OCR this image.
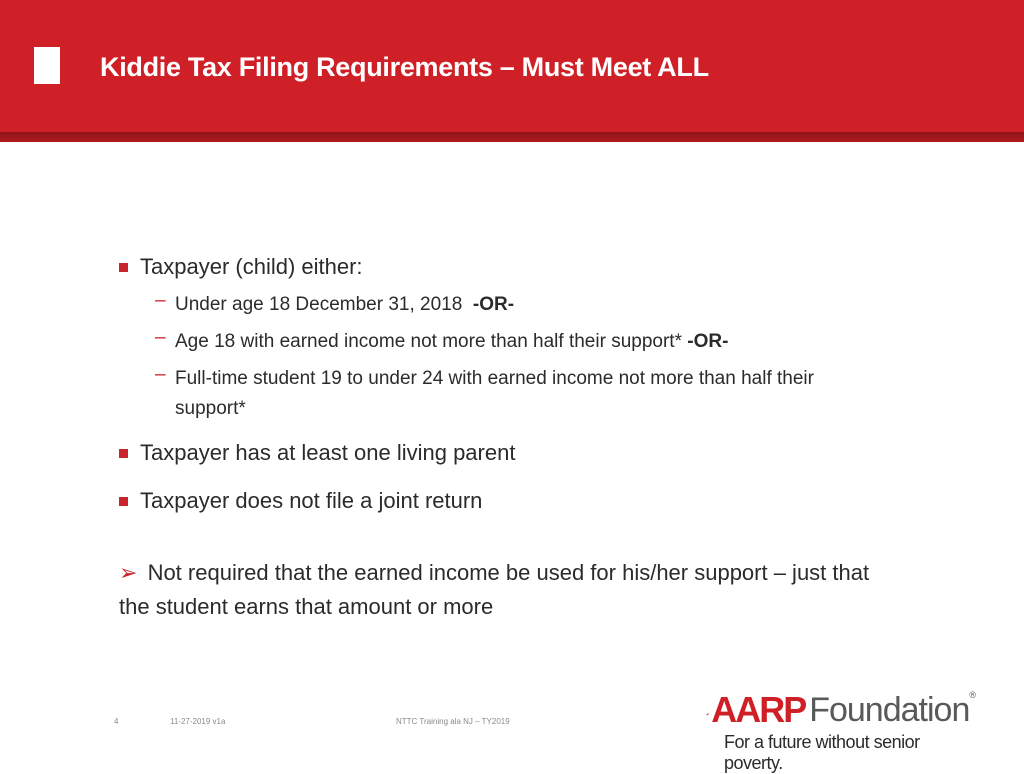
Kiddie Tax Filing Requirements – Must Meet ALL
Taxpayer (child) either:
– Under age 18 December 31, 2018 -OR-
– Age 18 with earned income not more than half their support* -OR-
– Full-time student 19 to under 24 with earned income not more than half their
support*
Taxpayer has at least one living parent
Taxpayer does not file a joint return
➢ Not required that the earned income be used for his/her support – just that
the student earns that amount or more
4	11-27-2019 v1a	NTTC Training ala NJ – TY2019	AARP Foundation ®
For a future without senior poverty.
